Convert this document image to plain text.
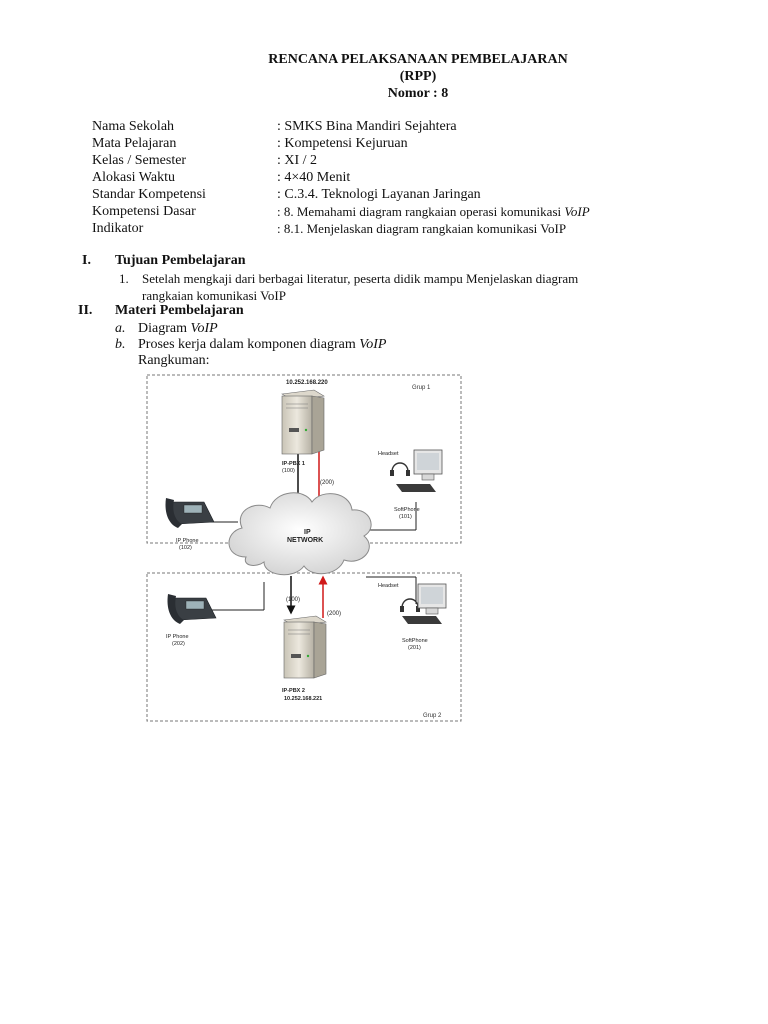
RENCANA PELAKSANAAN PEMBELAJARAN
(RPP)
Nomor : 8
Nama Sekolah	: SMKS Bina Mandiri Sejahtera
Mata Pelajaran	: Kompetensi Kejuruan
Kelas / Semester	: XI / 2
Alokasi Waktu	: 4×40 Menit
Standar Kompetensi	: C.3.4. Teknologi Layanan Jaringan
Kompetensi Dasar	: 8. Memahami diagram rangkaian operasi komunikasi VoIP
Indikator	: 8.1. Menjelaskan diagram rangkaian komunikasi VoIP
I. Tujuan Pembelajaran
1. Setelah mengkaji dari berbagai literatur, peserta didik mampu Menjelaskan diagram
rangkaian komunikasi VoIP
II. Materi Pembelajaran
a. Diagram VoIP
b. Proses kerja dalam komponen diagram VoIP
Rangkuman:
Grup 1
Grup 2
(200)
(100)
(200)
IP
NETWORK
10.252.168.220
IP-PBX 1
(100)
IP-PBX 2
10.252.168.221
IP Phone
(102)
IP Phone
(202)
Headset
SoftPhone
(101)
Headset
SoftPhone
(201)
